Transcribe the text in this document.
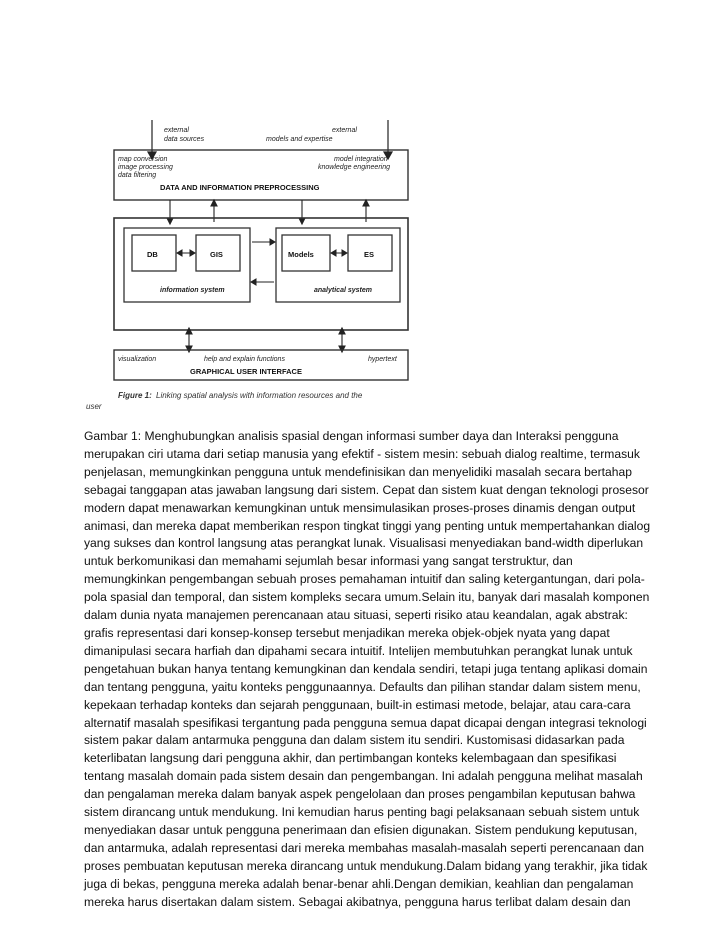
external
data sources
external
models and expertise
map conversion
image processing
data filtering
model integration
knowledge engineering
DATA AND INFORMATION PREPROCESSING
DB	GIS
information system
Models	ES
analytical system
visualization	help and explain functions	hypertext
GRAPHICAL USER INTERFACE
Figure 1: Linking spatial analysis with information resources and the
user
Gambar 1: Menghubungkan analisis spasial dengan informasi sumber daya dan Interaksi pengguna
merupakan ciri utama dari setiap manusia yang efektif - sistem mesin: sebuah dialog realtime, termasuk
penjelasan, memungkinkan pengguna untuk mendefinisikan dan menyelidiki masalah secara bertahap
sebagai tanggapan atas jawaban langsung dari sistem. Cepat dan sistem kuat dengan teknologi prosesor
modern dapat menawarkan kemungkinan untuk mensimulasikan proses-proses dinamis dengan output
animasi, dan mereka dapat memberikan respon tingkat tinggi yang penting untuk mempertahankan dialog
yang sukses dan kontrol langsung atas perangkat lunak. Visualisasi menyediakan band-width diperlukan
untuk berkomunikasi dan memahami sejumlah besar informasi yang sangat terstruktur, dan
memungkinkan pengembangan sebuah proses pemahaman intuitif dan saling ketergantungan, dari pola-
pola spasial dan temporal, dan sistem kompleks secara umum.Selain itu, banyak dari masalah komponen
dalam dunia nyata manajemen perencanaan atau situasi, seperti risiko atau keandalan, agak abstrak:
grafis representasi dari konsep-konsep tersebut menjadikan mereka objek-objek nyata yang dapat
dimanipulasi secara harfiah dan dipahami secara intuitif. Intelijen membutuhkan perangkat lunak untuk
pengetahuan bukan hanya tentang kemungkinan dan kendala sendiri, tetapi juga tentang aplikasi domain
dan tentang pengguna, yaitu konteks penggunaannya. Defaults dan pilihan standar dalam sistem menu,
kepekaan terhadap konteks dan sejarah penggunaan, built-in estimasi metode, belajar, atau cara-cara
alternatif masalah spesifikasi tergantung pada pengguna semua dapat dicapai dengan integrasi teknologi
sistem pakar dalam antarmuka pengguna dan dalam sistem itu sendiri. Kustomisasi didasarkan pada
keterlibatan langsung dari pengguna akhir, dan pertimbangan konteks kelembagaan dan spesifikasi
tentang masalah domain pada sistem desain dan pengembangan. Ini adalah pengguna melihat masalah
dan pengalaman mereka dalam banyak aspek pengelolaan dan proses pengambilan keputusan bahwa
sistem dirancang untuk mendukung. Ini kemudian harus penting bagi pelaksanaan sebuah sistem untuk
menyediakan dasar untuk pengguna penerimaan dan efisien digunakan. Sistem pendukung keputusan,
dan antarmuka, adalah representasi dari mereka membahas masalah-masalah seperti perencanaan dan
proses pembuatan keputusan mereka dirancang untuk mendukung.Dalam bidang yang terakhir, jika tidak
juga di bekas, pengguna mereka adalah benar-benar ahli.Dengan demikian, keahlian dan pengalaman
mereka harus disertakan dalam sistem. Sebagai akibatnya, pengguna harus terlibat dalam desain dan
